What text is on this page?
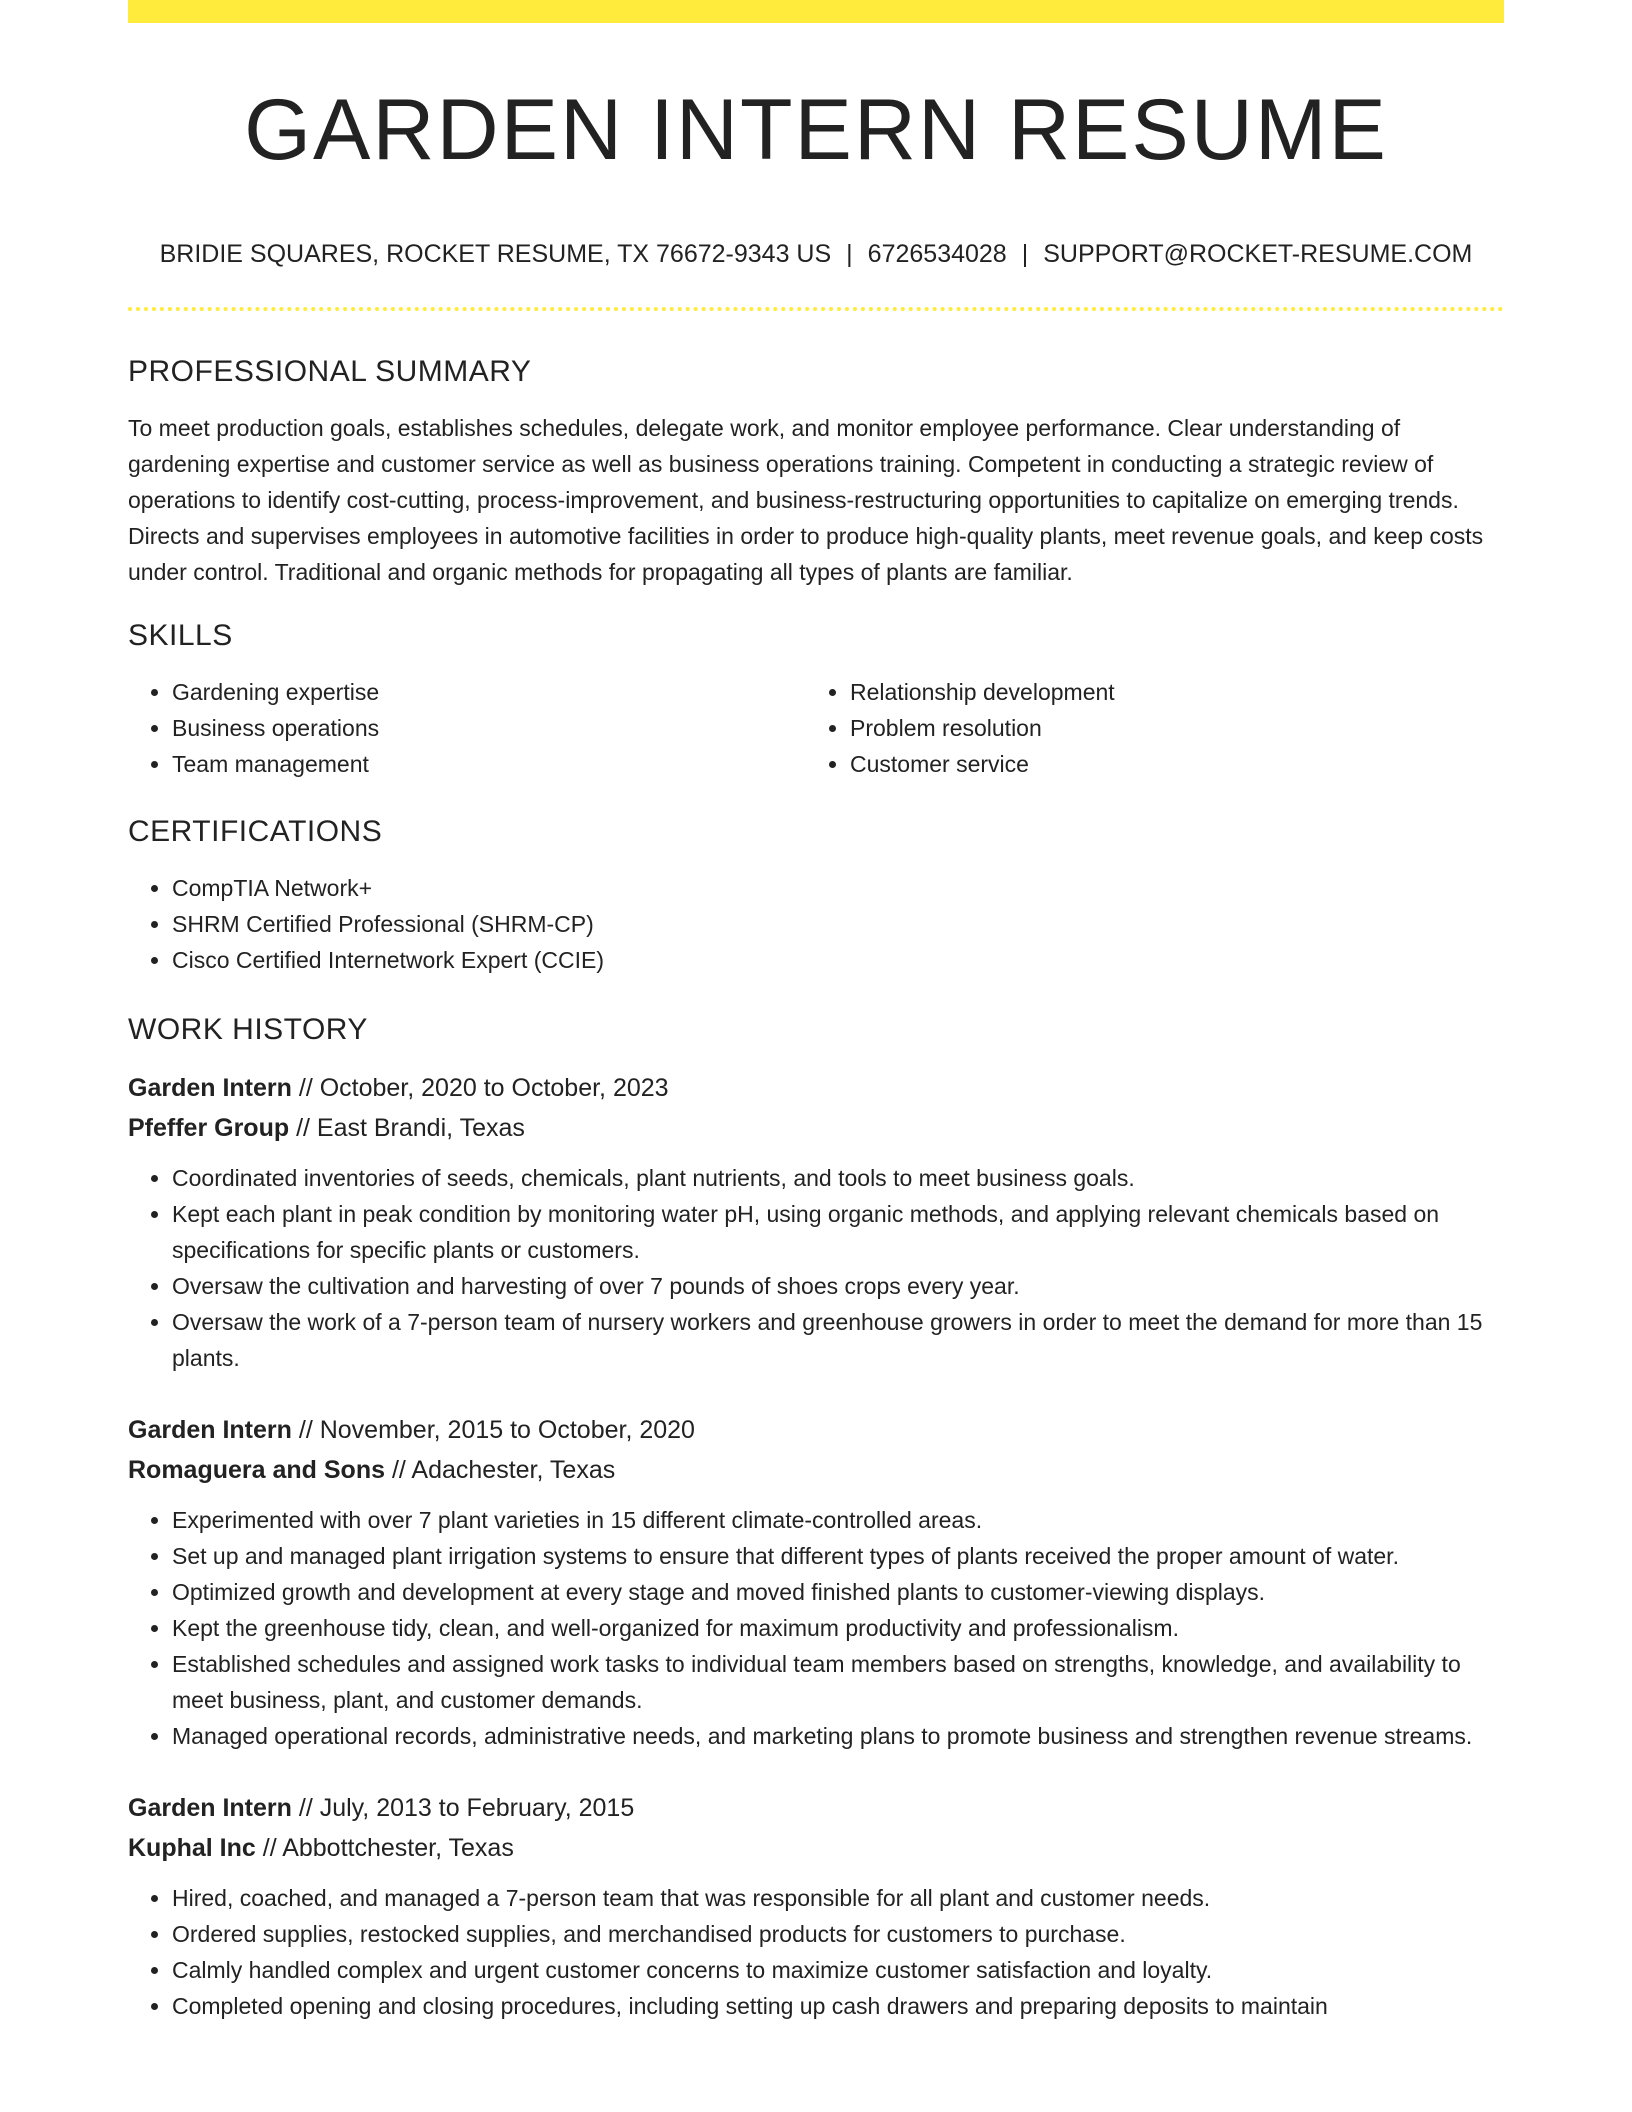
GARDEN INTERN RESUME
BRIDIE SQUARES, ROCKET RESUME, TX 76672-9343 US | 6726534028 | SUPPORT@ROCKET-RESUME.COM
PROFESSIONAL SUMMARY

To meet production goals, establishes schedules, delegate work, and monitor employee performance. Clear understanding of gardening expertise and customer service as well as business operations training. Competent in conducting a strategic review of operations to identify cost-cutting, process-improvement, and business-restructuring opportunities to capitalize on emerging trends. Directs and supervises employees in automotive facilities in order to produce high-quality plants, meet revenue goals, and keep costs under control. Traditional and organic methods for propagating all types of plants are familiar.

SKILLS
• Gardening expertise
• Business operations
• Team management
• Relationship development
• Problem resolution
• Customer service
CERTIFICATIONS
• CompTIA Network+
• SHRM Certified Professional (SHRM-CP)
• Cisco Certified Internetwork Expert (CCIE)
WORK HISTORY
Garden Intern // October, 2020 to October, 2023
Pfeffer Group // East Brandi, Texas
• Coordinated inventories of seeds, chemicals, plant nutrients, and tools to meet business goals.
• Kept each plant in peak condition by monitoring water pH, using organic methods, and applying relevant chemicals based on specifications for specific plants or customers.
• Oversaw the cultivation and harvesting of over 7 pounds of shoes crops every year.
• Oversaw the work of a 7-person team of nursery workers and greenhouse growers in order to meet the demand for more than 15 plants.
Garden Intern // November, 2015 to October, 2020
Romaguera and Sons // Adachester, Texas
• Experimented with over 7 plant varieties in 15 different climate-controlled areas.
• Set up and managed plant irrigation systems to ensure that different types of plants received the proper amount of water.
• Optimized growth and development at every stage and moved finished plants to customer-viewing displays.
• Kept the greenhouse tidy, clean, and well-organized for maximum productivity and professionalism.
• Established schedules and assigned work tasks to individual team members based on strengths, knowledge, and availability to meet business, plant, and customer demands.
• Managed operational records, administrative needs, and marketing plans to promote business and strengthen revenue streams.
Garden Intern // July, 2013 to February, 2015
Kuphal Inc // Abbottchester, Texas
• Hired, coached, and managed a 7-person team that was responsible for all plant and customer needs.
• Ordered supplies, restocked supplies, and merchandised products for customers to purchase.
• Calmly handled complex and urgent customer concerns to maximize customer satisfaction and loyalty.
• Completed opening and closing procedures, including setting up cash drawers and preparing deposits to maintain
